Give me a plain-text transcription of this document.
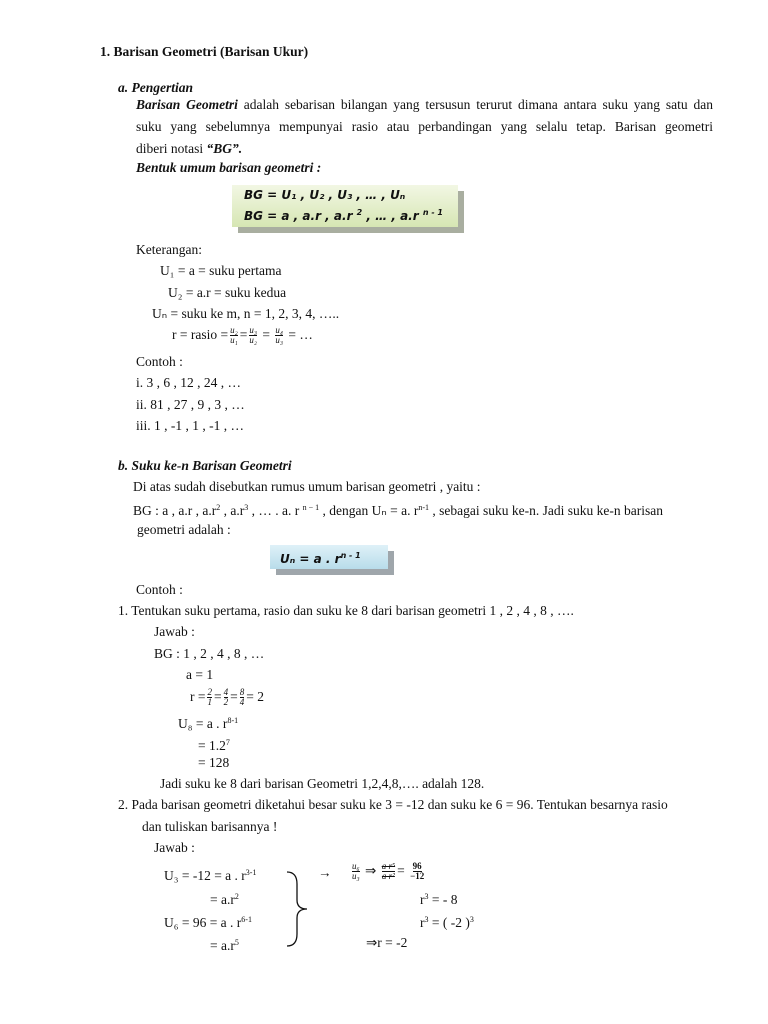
1. Barisan Geometri (Barisan Ukur)
a. Pengertian
Barisan Geometri adalah sebarisan bilangan yang tersusun terurut dimana antara suku yang satu dan
suku yang sebelumnya mempunyai rasio atau perbandingan yang selalu tetap. Barisan geometri
diberi notasi “BG”.
Bentuk umum barisan geometri :
BG = U₁ , U₂ , U₃ , … , Uₙ
BG = a , a.r , a.r $^2$ , … , a.r $^{n - 1}$
Keterangan:
U₁ = a = suku pertama
U₂ = a.r = suku kedua
Uₙ = suku ke m, n = 1, 2, 3, 4, …..
r = rasio = $\frac{\text{u₂}}{\text{u₁}} = \frac{\text{u₃}}{\text{u₂}} = \frac{\text{u₄}}{\text{u₃}}$ = …
Contoh :
i. 3 , 6 , 12 , 24 , …
ii. 81 , 27 , 9 , 3 , …
iii. 1 , -1 , 1 , -1 , …
b. Suku ke-n Barisan Geometri
Di atas sudah disebutkan rumus umum barisan geometri , yaitu :
BG : a , a.r , $a.r^2$ , $a.r^3$ , … . a. r $^{n - 1}$ , dengan Uₙ = a. $r^{n-1}$ , sebagai suku ke-n. Jadi suku ke-n barisan
geometri adalah :
Uₙ = a . $r^{n - 1}$
Contoh :
1. Tentukan suku pertama, rasio dan suku ke 8 dari barisan geometri 1 , 2 , 4 , 8 , ….
Jawab :
BG : 1 , 2 , 4 , 8 , …
a = 1
$r = \frac{2}{1} = \frac{4}{2} = \frac{8}{4} = 2$
U₈ = a . $r^{8-1}$
= $1.2^7$
= 128
Jadi suku ke 8 dari barisan Geometri 1,2,4,8,…. adalah 128.
2. Pada barisan geometri diketahui besar suku ke 3 = -12 dan suku ke 6 = 96. Tentukan besarnya rasio
dan tuliskan barisannya !
Jawab :
U₃ = -12 = a . $r^{3-1}$
= $a.r^2$
U₆ = 96 = a . $r^{6-1}$
= $a.r^5$
→ $\frac{\text{u₆}}{\text{u₃}}$ ⇒ $\frac{\text{a r⁵}}{\text{a r²}} = \frac{96}{-12}$
$r^3$ = - 8
$r^3$ = ( -2 )$^3$
⇒r = -2
